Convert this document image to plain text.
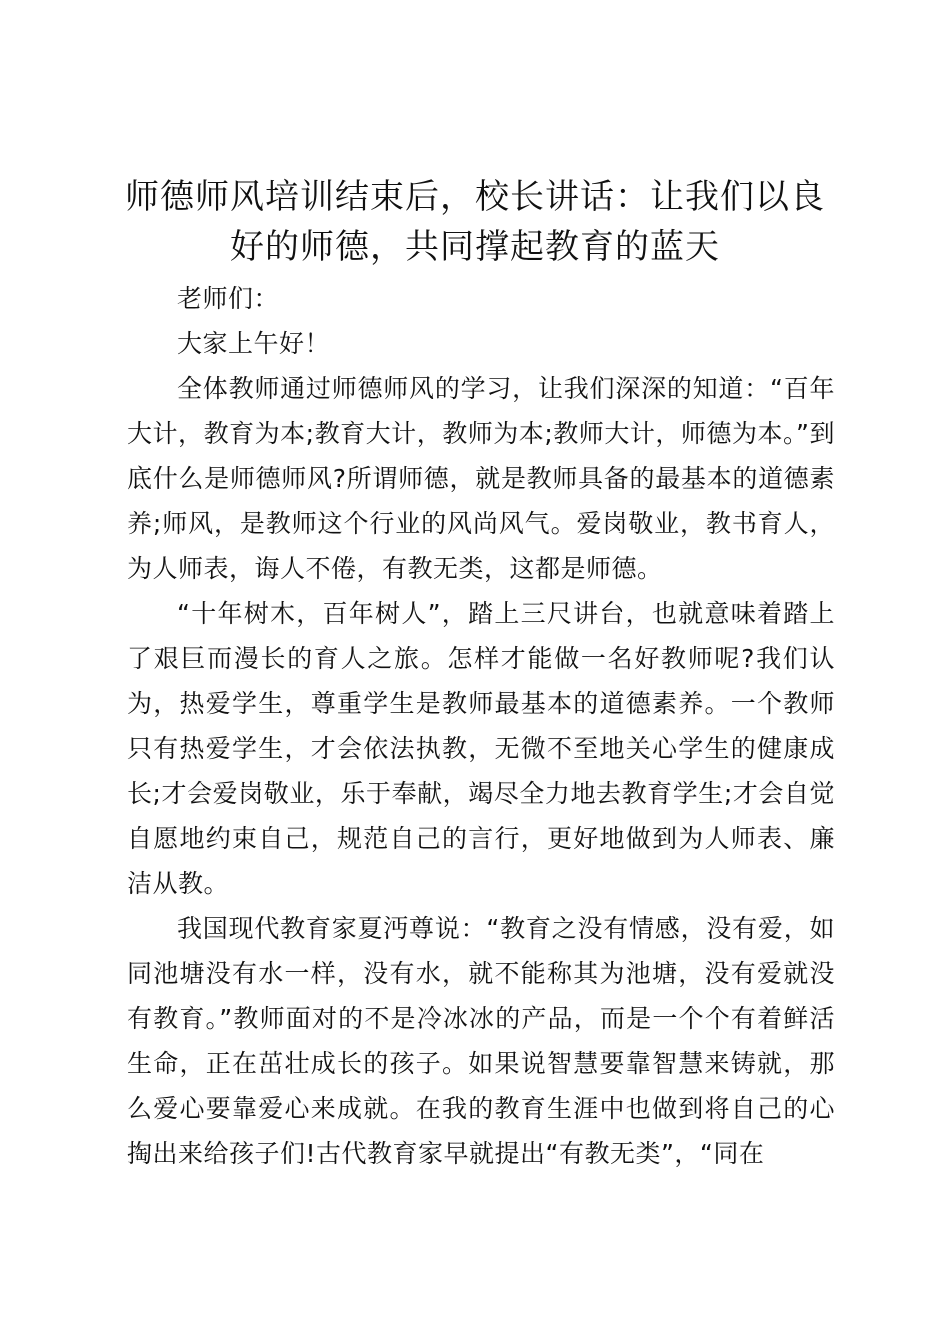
师德师风培训结束后，校长讲话：让我们以良好的师德，共同撑起教育的蓝天

老师们：

大家上午好！

全体教师通过师德师风的学习，让我们深深的知道：“百年大计，教育为本;教育大计，教师为本;教师大计，师德为本。”到底什么是师德师风?所谓师德，就是教师具备的最基本的道德素养;师风，是教师这个行业的风尚风气。爱岗敬业，教书育人，为人师表，诲人不倦，有教无类，这都是师德。

“十年树木，百年树人”，踏上三尺讲台，也就意味着踏上了艰巨而漫长的育人之旅。怎样才能做一名好教师呢?我们认为，热爱学生，尊重学生是教师最基本的道德素养。一个教师只有热爱学生，才会依法执教，无微不至地关心学生的健康成长;才会爱岗敬业，乐于奉献，竭尽全力地去教育学生;才会自觉自愿地约束自己，规范自己的言行，更好地做到为人师表、廉洁从教。

我国现代教育家夏沔尊说：“教育之没有情感，没有爱，如同池塘没有水一样，没有水，就不能称其为池塘，没有爱就没有教育。”教师面对的不是冷冰冰的产品，而是一个个有着鲜活生命，正在茁壮成长的孩子。如果说智慧要靠智慧来铸就，那么爱心要靠爱心来成就。在我的教育生涯中也做到将自己的心掏出来给孩子们!古代教育家早就提出“有教无类”，“同在
